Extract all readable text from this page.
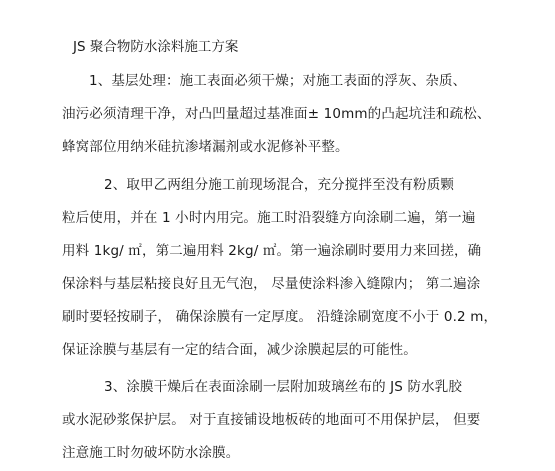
JS 聚合物防水涂料施工方案
1、基层处理：施工表面必须干燥；对施工表面的浮灰、杂质、
油污必须清理干净，对凸凹量超过基准面± 10mm的凸起坑洼和疏松、
蜂窝部位用纳米硅抗渗堵漏剂或水泥修补平整。
2、取甲乙两组分施工前现场混合，充分搅拌至没有粉质颗
粒后使用，并在 1 小时内用完。施工时沿裂缝方向涂刷二遍，第一遍
用料 1kg/ ㎡，第二遍用料 2kg/ ㎡。第一遍涂刷时要用力来回搓，确
保涂料与基层粘接良好且无气泡， 尽量使涂料渗入缝隙内； 第二遍涂
刷时要轻按刷子， 确保涂膜有一定厚度。 沿缝涂刷宽度不小于 0.2 m，
保证涂膜与基层有一定的结合面，减少涂膜起层的可能性。
3、涂膜干燥后在表面涂刷一层附加玻璃丝布的 JS 防水乳胶
或水泥砂浆保护层。 对于直接铺设地板砖的地面可不用保护层， 但要
注意施工时勿破坏防水涂膜。
